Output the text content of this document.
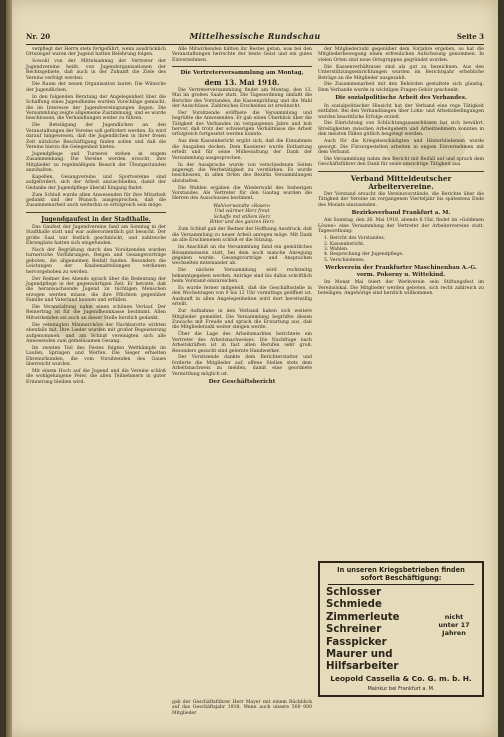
Nr. 20	Mittelhessische Rundschau	Seite 3

verpflegt der Herrn stets fortgeführt, wenn ausdrücklich Ortszeiger waren der Jugend hatten Belehrung folgen.

Sowohl von der Mittelsammig der Vertreter der Jugendvereine heißt, von Jugendorganisationen der Rechtsgebiete, daß auch in der Zukunft die Ziele des Vereins verfolgt werden.

Die Raum der neuen Organisation lautet: Die Wünsche der Jugendlichen.

In den folgenden Beratung der Angelegenheit über die Schaffung eines Jugendheims wurden Vorschläge gemacht, die im Interesse der Jugendvereinigungen liegen. Die Versammlung zeigte allgemeine Zustimmung, und es wurde beschlossen, die Verhandlungen weiter zu führen.

Die Beteiligung der Jugendlichen an den Veranstaltungen der Vereine soll gefördert werden. Es wird darauf hingewiesen, daß die Jugendlichen in ihrer freien Zeit nützliche Beschäftigung finden sollen und daß die Vereine hierzu die Gelegenheit bieten.

Jugendpflege und Turnerei stehen in engem Zusammenhang. Die Vereine werden ersucht, ihre Mitglieder zu regelmäßigem Besuch der Übungsstunden anzuhalten.

Kapellen, Gesangvereine und Sportvereine sind aufgefordert, sich der Arbeit anzuschließen, damit der Gedanke der Jugendpflege überall Eingang findet.

Zum Schluß wurde allen Anwesenden für ihre Mitarbeit gedankt und der Wunsch ausgesprochen, daß die Zusammenarbeit auch weiterhin so erfolgreich sein möge.

Jugendgaufest in der Stadthalle.

Das Gaufest der Jugendvereine fand am Sonntag in der Stadthalle statt und war außerordentlich gut besucht. Der große Saal war festlich geschmückt, und zahlreiche Ehrengäste hatten sich eingefunden.

Nach der Begrüßung durch den Vorsitzenden wurden turnerische Vorführungen, Reigen und Gesangsvorträge geboten, die allgemeinen Beifall fanden. Besonders die Leistungen der Knabenabteilungen verdienen hervorgehoben zu werden.

Der Redner des Abends sprach über die Bedeutung der Jugendpflege in der gegenwärtigen Zeit. Er betonte, daß die heranwachsende Jugend zu tüchtigen Menschen erzogen werden müsse, die ihre Pflichten gegenüber Familie und Vaterland kennen und erfüllen.

Die Veranstaltung nahm einen schönen Verlauf. Der Reinertrag ist für die Jugendheimkasse bestimmt. Allen Mitwirkenden sei auch an dieser Stelle herzlich gedankt.

Die vereinigten Männerchöre der Nachbarorte wirkten ebenfalls mit. Ihre Lieder wurden mit großer Begeisterung aufgenommen, und am Schluß vereinigten sich alle Anwesenden zum gemeinsamen Gesang.

Im zweiten Teil des Festes folgten Wettkämpfe im Laufen, Springen und Werfen. Die Sieger erhielten Ehrenurkunden, die vom Vorsitzenden des Gaues überreicht wurden.

Mit einem Hoch auf die Jugend und die Vereine schloß die wohlgelungene Feier, die allen Teilnehmern in guter Erinnerung bleiben wird.

Alle Mitwirkenden hätten ihr Bestes getan, was bei den Veranstaltungen herrschte der beste Geist und ein gutes Einvernehmen.

Die Vertreterversammlung am Montag,
dem 13. Mai 1918.

Die Vertreterversammlung findet am Montag, den 13. Mai im großen Saale statt. Die Tagesordnung umfaßt die Berichte des Vorstandes, die Kassenprüfung und die Wahl der Ausschüsse. Zahlreiches Erscheinen ist erwünscht.

Der Vorsitzende eröffnete die Versammlung und begrüßte die Anwesenden. Er gab einen Überblick über die Tätigkeit des Verbandes im vergangenen Jahre und hob hervor, daß trotz der schwierigen Verhältnisse die Arbeit erfolgreich fortgesetzt werden konnte.

Aus dem Kassenbericht ergibt sich, daß die Einnahmen die Ausgaben decken. Dem Kassierer wurde Entlastung erteilt und für seine Mühewaltung der Dank der Versammlung ausgesprochen.

In der Aussprache wurde von verschiedenen Seiten angeregt, die Werbetätigkeit zu verstärken. Es wurde beschlossen, in allen Orten des Bezirks Versammlungen abzuhalten.

Die Wahlen ergaben die Wiederwahl des bisherigen Vorstandes. Als Vertreter für den Gautag wurden die Herren des Ausschusses bestimmt.

Wahlverwandte »Rosen«
Und wärmer Herz freut
Schaffe mit stillem Herz
Bitter und des ganzen Herz

Zum Schluß gab der Redner der Hoffnung Ausdruck, daß die Versammlung zu neuer Arbeit anregen möge. Mit Dank an alle Erschienenen schloß er die Sitzung.

Im Anschluß an die Versammlung fand ein gemütliches Beisammensein statt, bei dem noch manche Anregung gegeben wurde. Gesangsvorträge und Ansprachen wechselten miteinander ab.

Die nächste Versammlung wird rechtzeitig bekanntgegeben werden. Anträge sind bis dahin schriftlich beim Vorstand einzureichen.

Es wurde ferner mitgeteilt, daß die Geschäftsstelle in den Wochentagen von 9 bis 12 Uhr vormittags geöffnet ist. Auskunft in allen Angelegenheiten wird dort bereitwillig erteilt.

Zur Aufnahme in den Verband haben sich weitere Mitglieder gemeldet. Die Versammlung begrüßte diesen Zuwachs mit Freude und sprach die Erwartung aus, daß die Mitgliederzahl weiter steigen werde.

Über die Lage des Arbeitsmarktes berichtete ein Vertreter des Arbeitsnachweises. Die Nachfrage nach Arbeitskräften ist in fast allen Berufen sehr groß. Besonders gesucht sind gelernte Handwerker.

Der Vorsitzende dankte dem Berichterstatter und forderte die Mitglieder auf, offene Stellen stets dem Arbeitsnachweis zu melden, damit eine geordnete Vermittlung möglich ist.

Der Geschäftsbericht
gab der Geschäftsführer Herr Mayer mit einem Rückblick auf das Geschäftsjahr 1918. Wenn auch unsere 500 000 Mitglieder

der Mitgliederzahl gegenüber dem Vorjahre ergeben, so hat die Mitgliederbewegung einen erfreulichen Aufschwung genommen. In vielen Orten sind neue Ortsgruppen gegründet worden.

Die Kassenverhältnisse sind als gut zu bezeichnen. Aus den Unterstützungseinrichtungen wurden im Berichtsjahr erhebliche Beträge an die Mitglieder ausgezahlt.

Die Zusammenarbeit mit den Behörden gestaltete sich günstig. Dem Verbande wurde in wichtigen Fragen Gehör geschenkt.

Die sozialpolitische Arbeit des Verbandes.

In sozialpolitischer Hinsicht hat der Verband eine rege Tätigkeit entfaltet. Bei den Verhandlungen über Lohn- und Arbeitsbedingungen wurden beachtliche Erfolge erzielt.

Die Einrichtung von Schlichtungsausschüssen hat sich bewährt. Streitigkeiten zwischen Arbeitgebern und Arbeitnehmern konnten in den meisten Fällen gütlich beigelegt werden.

Auch für die Kriegsbeschädigten und Hinterbliebenen wurde gesorgt. Die Fürsorgestellen arbeiten in engem Einvernehmen mit dem Verband.

Die Versammlung nahm den Bericht mit Beifall auf und sprach dem Geschäftsführer den Dank für seine umsichtige Tätigkeit aus.

Verband Mitteldeutscher Arbeitervereine.

Der Vorstand ersucht die Vereinsvorstände, die Berichte über die Tätigkeit der Vereine im vergangenen Vierteljahr bis spätestens Ende des Monats einzusenden.

Bezirksverband Frankfurt a. M.

Am Sonntag, den 26. Mai 1918, abends 6 Uhr, findet im »Goldenen Löwen« eine Versammlung der Vertreter der Arbeitervereine statt. Tagesordnung:

1. Bericht des Vorstandes.
2. Kassenbericht.
3. Wahlen.
4. Besprechung der Jugendpflege.
5. Verschiedenes.
Werkverein der Frankfurter Maschinenbau A.-G. vorm. Pokorny u. Wittekind.

Im Monat Mai feiert der Werkverein sein Stiftungsfest im Vereinslokal. Die Mitglieder werden gebeten, sich recht zahlreich zu beteiligen. Angehörige sind herzlich willkommen.

In unseren Kriegsbetrieben finden
sofort Beschäftigung:
Schlosser
Schmiede
Zimmerleute
Schreiner
Fasspicker
Maurer und
Hilfsarbeiter
nicht unter 17 Jahren
Leopold Cassella & Co. G. m. b. H.
Mainkur bei Frankfurt a. M.
